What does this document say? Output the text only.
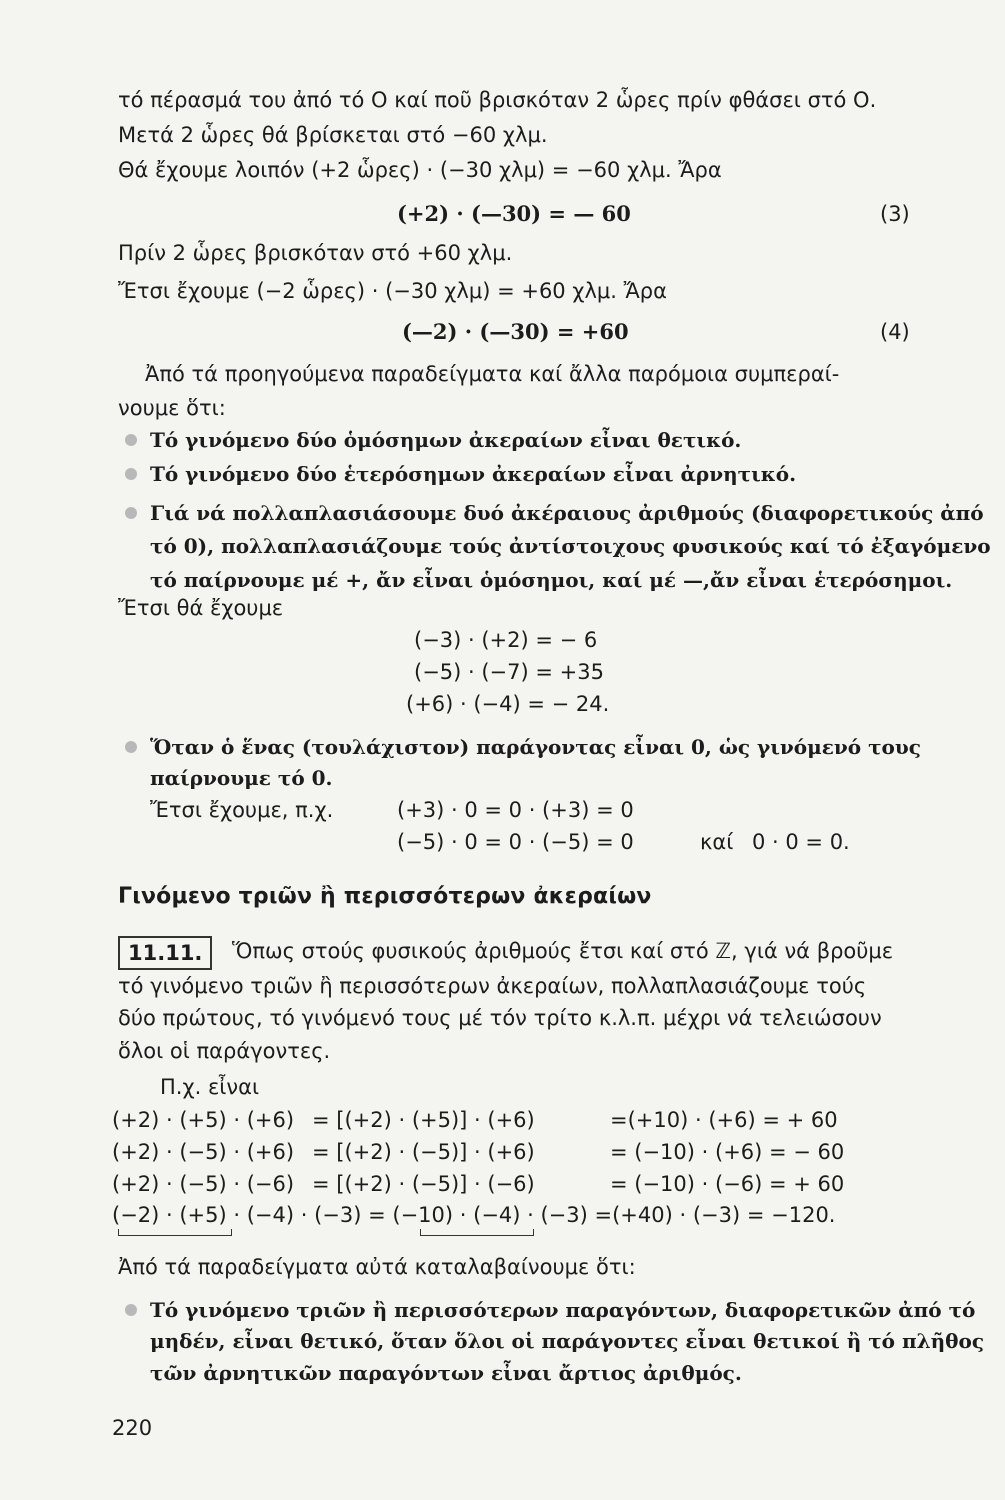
τό πέρασμά του ἀπό τό Ο καί ποῦ βρισκόταν 2 ὧρες πρίν φθάσει στό Ο.
Μετά 2 ὧρες θά βρίσκεται στό −60 χλμ.
Θά ἔχουμε λοιπόν (+2 ὧρες) · (−30 χλμ) = −60 χλμ. Ἄρα
(+2) · (—30) = — 60	(3)
Πρίν 2 ὧρες βρισκόταν στό +60 χλμ.
Ἔτσι ἔχουμε (−2 ὧρες) · (−30 χλμ) = +60 χλμ. Ἄρα
(—2) · (—30) = +60	(4)
Ἀπό τά προηγούμενα παραδείγματα καί ἄλλα παρόμοια συμπεραί-
νουμε ὅτι:
Τό γινόμενο δύο ὁμόσημων ἀκεραίων εἶναι θετικό.
Τό γινόμενο δύο ἑτερόσημων ἀκεραίων εἶναι ἀρνητικό.
Γιά νά πολλαπλασιάσουμε δυό ἀκέραιους ἀριθμούς (διαφορετικούς ἀπό
τό 0), πολλαπλασιάζουμε τούς ἀντίστοιχους φυσικούς καί τό ἐξαγόμενο
τό παίρνουμε μέ +, ἄν εἶναι ὁμόσημοι, καί μέ —,ἄν εἶναι ἑτερόσημοι.
Ἔτσι θά ἔχουμε
(−3) · (+2) = − 6
(−5) · (−7) = +35
(+6) · (−4) = − 24.
Ὅταν ὁ ἕνας (τουλάχιστον) παράγοντας εἶναι 0, ὡς γινόμενό τους
παίρνουμε τό 0.
Ἔτσι ἔχουμε, π.χ.	(+3) · 0 = 0 · (+3) = 0
(−5) · 0 = 0 · (−5) = 0	καί 0 · 0 = 0.
Γινόμενο τριῶν ἢ περισσότερων ἀκεραίων
11.11.	Ὅπως στούς φυσικούς ἀριθμούς ἔτσι καί στό ℤ, γιά νά βροῦμε
τό γινόμενο τριῶν ἢ περισσότερων ἀκεραίων, πολλαπλασιάζουμε τούς
δύο πρώτους, τό γινόμενό τους μέ τόν τρίτο κ.λ.π. μέχρι νά τελειώσουν
ὅλοι οἱ παράγοντες.
Π.χ. εἶναι
(+2) · (+5) · (+6) = [(+2) · (+5)] · (+6)	=(+10) · (+6) = + 60
(+2) · (−5) · (+6) = [(+2) · (−5)] · (+6)	= (−10) · (+6) = − 60
(+2) · (−5) · (−6) = [(+2) · (−5)] · (−6)	= (−10) · (−6) = + 60
(−2) · (+5) · (−4) · (−3) = (−10) · (−4) · (−3) =(+40) · (−3) = −120.
Ἀπό τά παραδείγματα αὐτά καταλαβαίνουμε ὅτι:
Τό γινόμενο τριῶν ἢ περισσότερων παραγόντων, διαφορετικῶν ἀπό τό
μηδέν, εἶναι θετικό, ὅταν ὅλοι οἱ παράγοντες εἶναι θετικοί ἢ τό πλῆθος
τῶν ἀρνητικῶν παραγόντων εἶναι ἄρτιος ἀριθμός.
220
